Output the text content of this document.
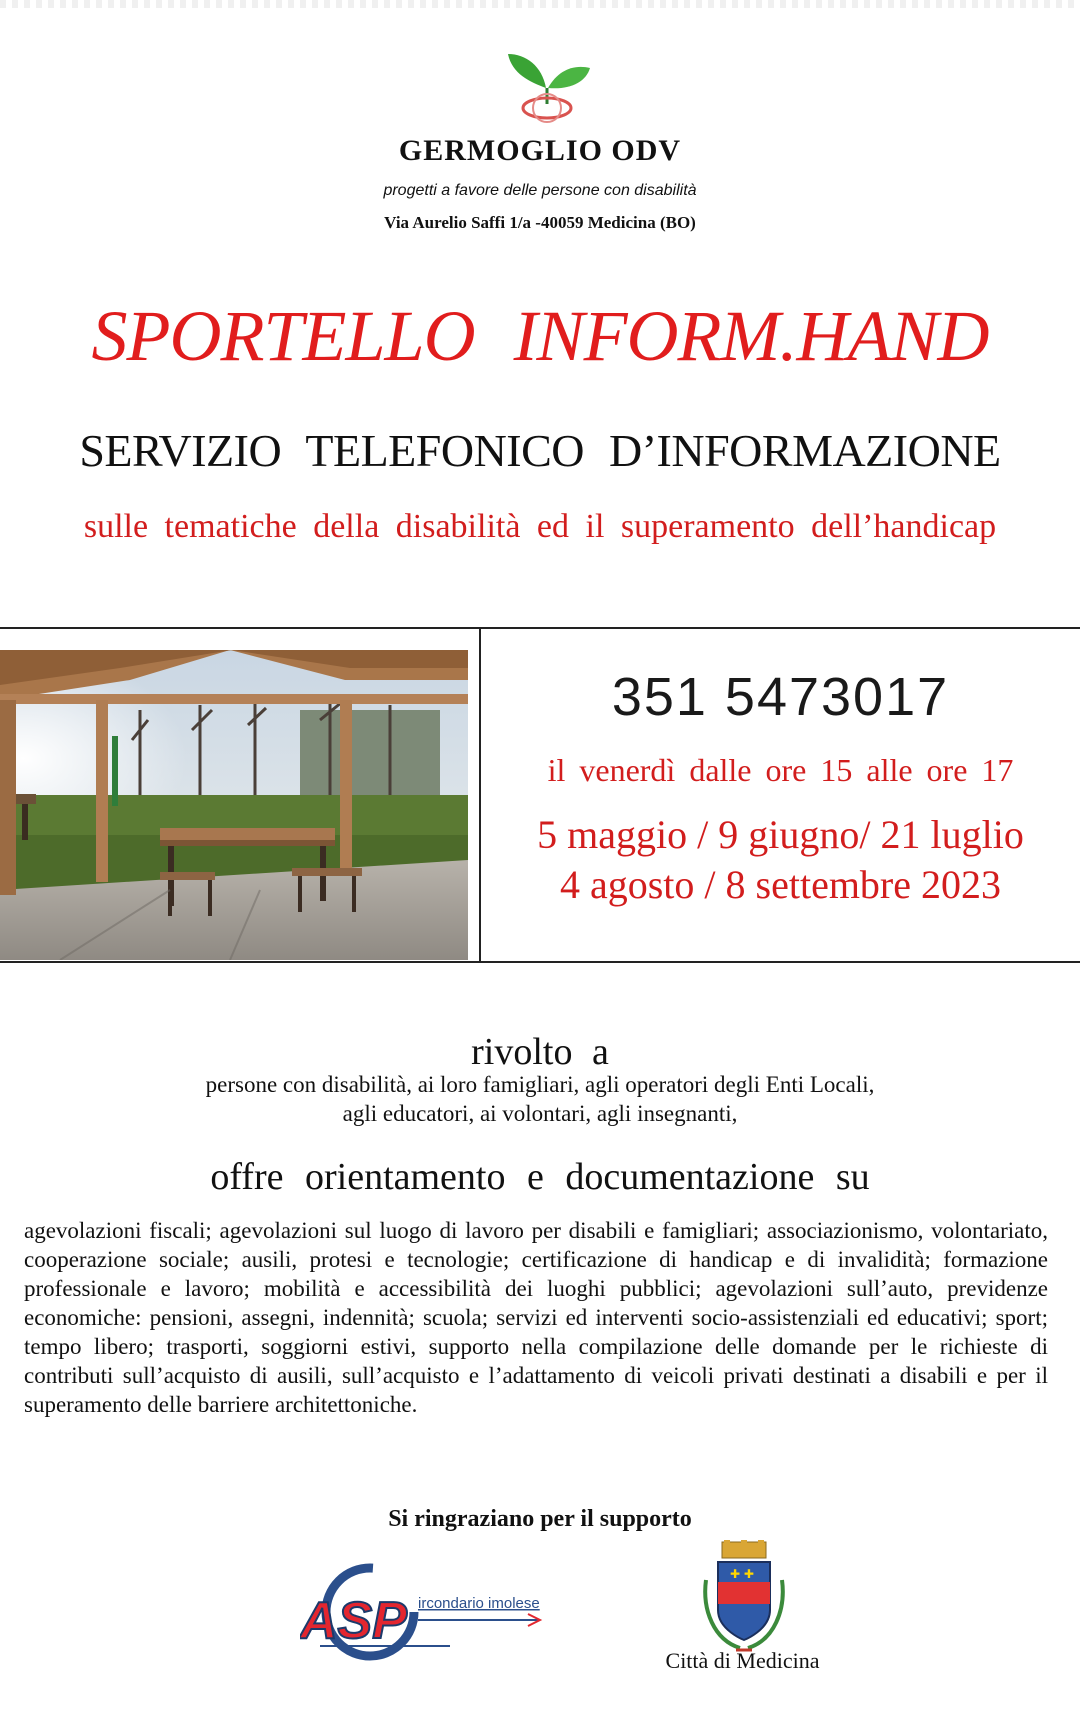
GERMOGLIO ODV
progetti a favore delle persone con disabilità
Via Aurelio Saffi 1/a -40059 Medicina (BO)
SPORTELLO INFORM.HAND
SERVIZIO TELEFONICO D’INFORMAZIONE
sulle tematiche della disabilità ed il superamento dell’handicap
351 5473017
il venerdì dalle ore 15 alle ore 17
5 maggio / 9 giugno/ 21 luglio
4 agosto / 8 settembre 2023
rivolto a
persone con disabilità, ai loro famigliari, agli operatori degli Enti Locali,
agli educatori, ai volontari, agli insegnanti,
offre orientamento e documentazione su
agevolazioni fiscali; agevolazioni sul luogo di lavoro per disabili e famigliari; associazionismo, volontariato, cooperazione sociale; ausili, protesi e tecnologie; certificazione di handicap e di invalidità; formazione professionale e lavoro; mobilità e accessibilità dei luoghi pubblici; agevolazioni sull’auto, previdenze economiche: pensioni, assegni, indennità; scuola; servizi ed interventi socio-assistenziali ed educativi; sport; tempo libero; trasporti, soggiorni estivi, supporto nella compilazione delle domande per le richieste di contributi sull’acquisto di ausili, sull’acquisto e l’adattamento di veicoli privati destinati a disabili e per il superamento delle barriere architettoniche.
Si ringraziano per il supporto
ASP ircondario imolese
✚ ✚
Città di Medicina
